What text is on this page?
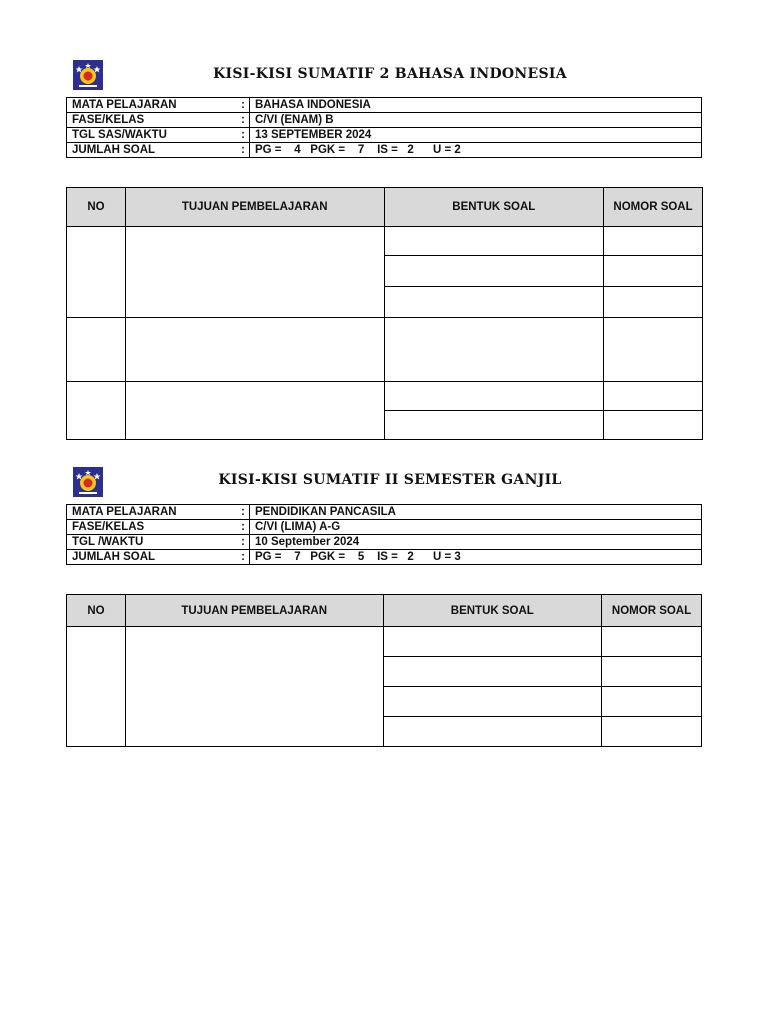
KISI-KISI SUMATIF 2 BAHASA INDONESIA
MATA PELAJARAN	:	BAHASA INDONESIA
FASE/KELAS	:	C/VI (ENAM) B
TGL SAS/WAKTU	:	13 SEPTEMBER 2024
JUMLAH SOAL	:	PG =    4   PGK =    7    IS =   2      U = 2
NO	TUJUAN PEMBELAJARAN	BENTUK SOAL	NOMOR SOAL

KISI-KISI SUMATIF II SEMESTER GANJIL
MATA PELAJARAN	:	PENDIDIKAN PANCASILA
FASE/KELAS	:	C/VI (LIMA) A-G
TGL /WAKTU	:	10 September 2024
JUMLAH SOAL	:	PG =    7   PGK =    5    IS =   2      U = 3
NO	TUJUAN PEMBELAJARAN	BENTUK SOAL	NOMOR SOAL
